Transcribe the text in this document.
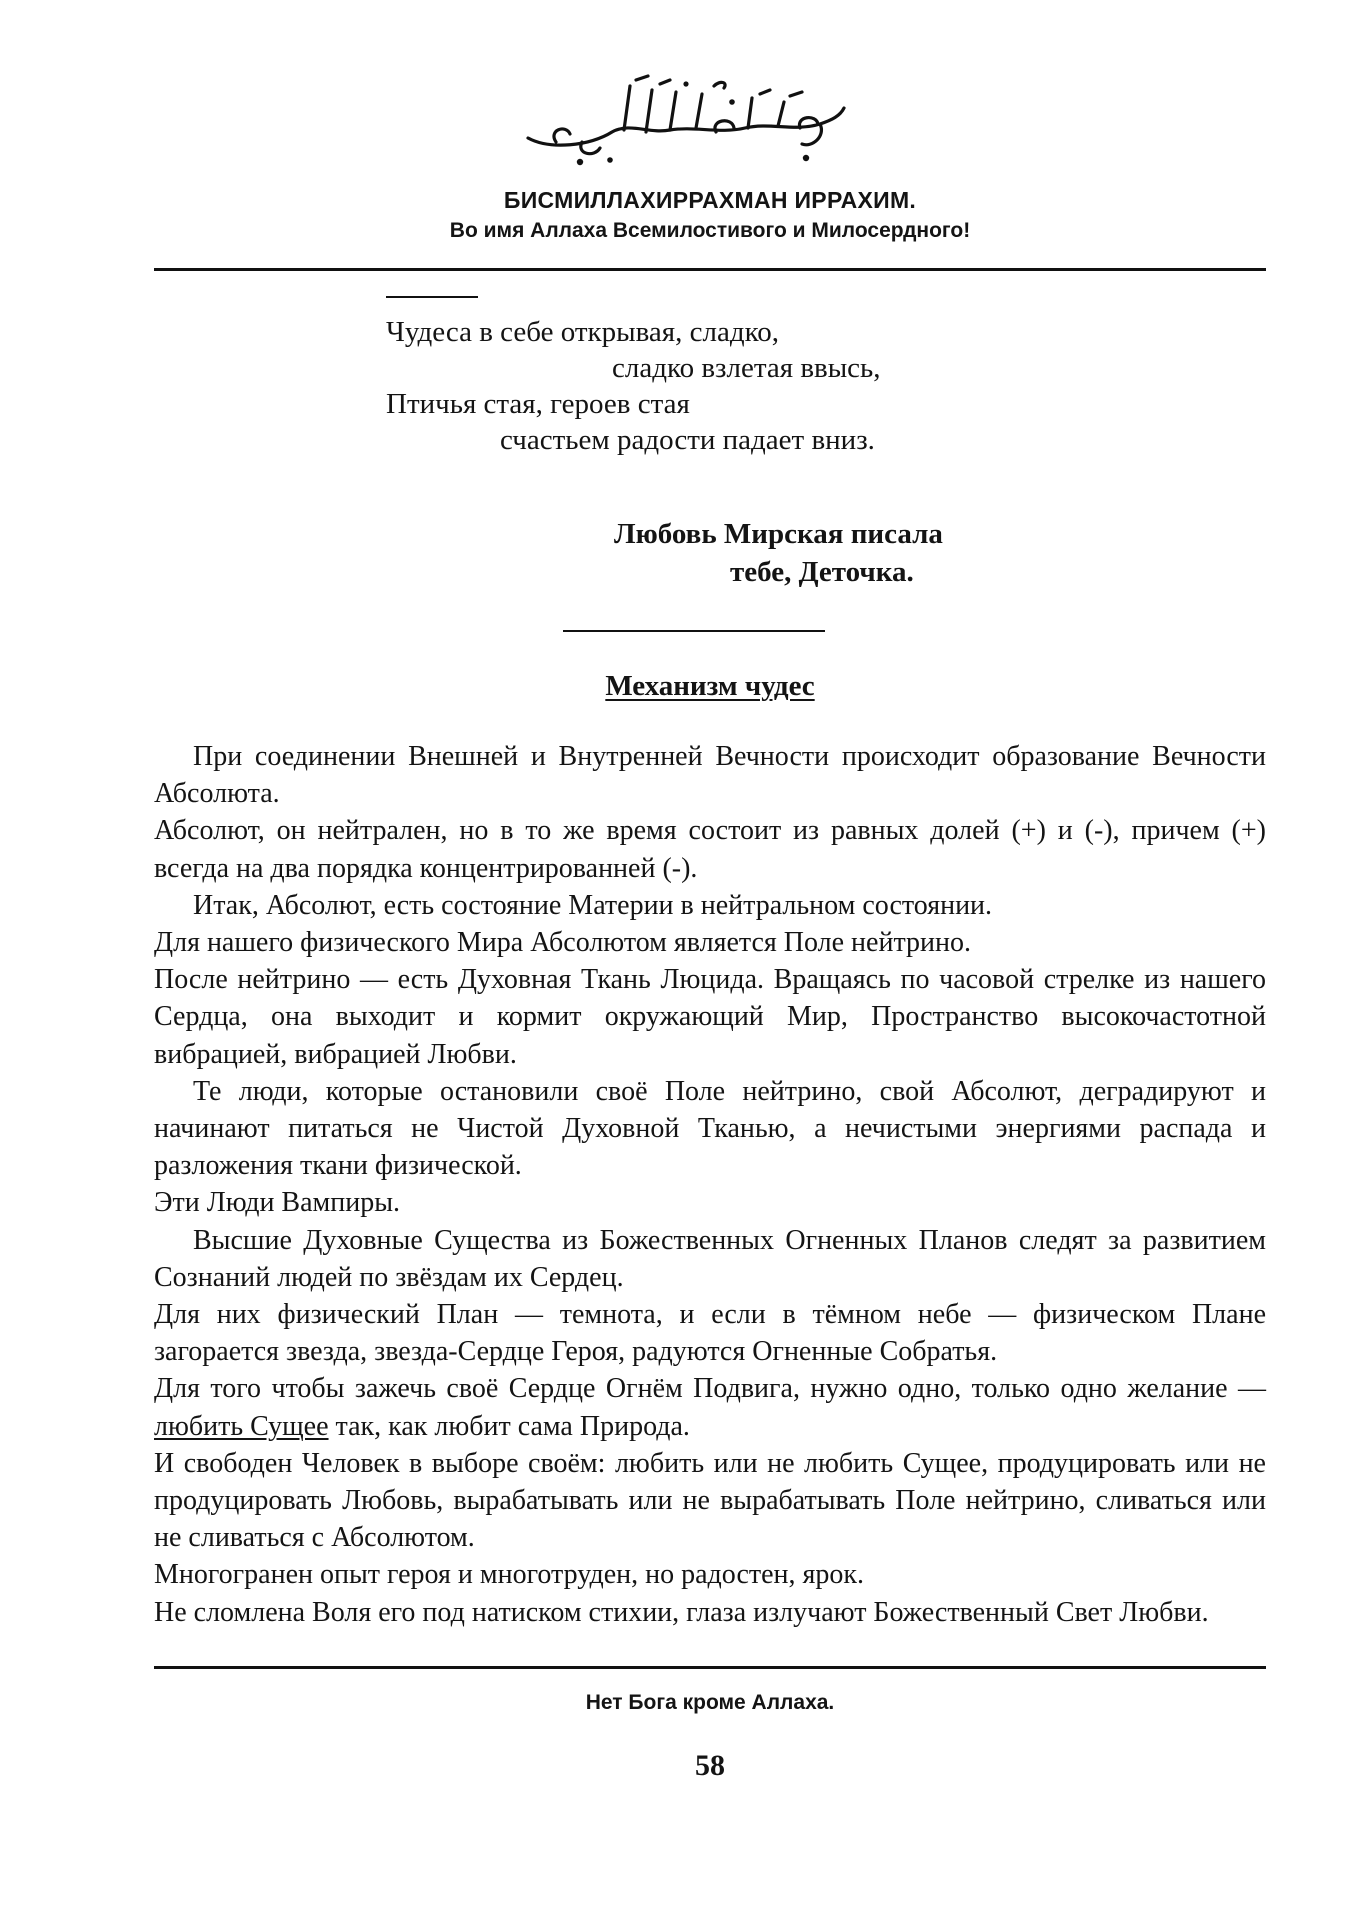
БИСМИЛЛАХИРРАХМАН ИРРАХИМ.

Во имя Аллаха Всемилостивого и Милосердного!

Чудеса в себе открывая, сладко,
сладко взлетая ввысь,
Птичья стая, героев стая
счастьем радости падает вниз.
Любовь Мирская писала
тебе, Деточка.
Механизм чудес

При соединении Внешней и Внутренней Вечности происходит образование Вечности Абсолюта.

Абсолют, он нейтрален, но в то же время состоит из равных долей (+) и (-), причем (+) всегда на два порядка концентрированней (-).

Итак, Абсолют, есть состояние Материи в нейтральном состоянии.

Для нашего физического Мира Абсолютом является Поле нейтрино.

После нейтрино — есть Духовная Ткань Люцида. Вращаясь по часовой стрелке из нашего Сердца, она выходит и кормит окружающий Мир, Пространство высокочастотной вибрацией, вибрацией Любви.

Те люди, которые остановили своё Поле нейтрино, свой Абсолют, деградируют и начинают питаться не Чистой Духовной Тканью, а нечистыми энергиями распада и разложения ткани физической.

Эти Люди Вампиры.

Высшие Духовные Существа из Божественных Огненных Планов следят за развитием Сознаний людей по звёздам их Сердец.

Для них физический План — темнота, и если в тёмном небе — физическом Плане загорается звезда, звезда-Сердце Героя, радуются Огненные Собратья.

Для того чтобы зажечь своё Сердце Огнём Подвига, нужно одно, только одно желание — любить Сущее так, как любит сама Природа.

И свободен Человек в выборе своём: любить или не любить Сущее, продуцировать или не продуцировать Любовь, вырабатывать или не вырабатывать Поле нейтрино, сливаться или не сливаться с Абсолютом.

Многогранен опыт героя и многотруден, но радостен, ярок.

Не сломлена Воля его под натиском стихии, глаза излучают Божественный Свет Любви.

Нет Бога кроме Аллаха.

58
